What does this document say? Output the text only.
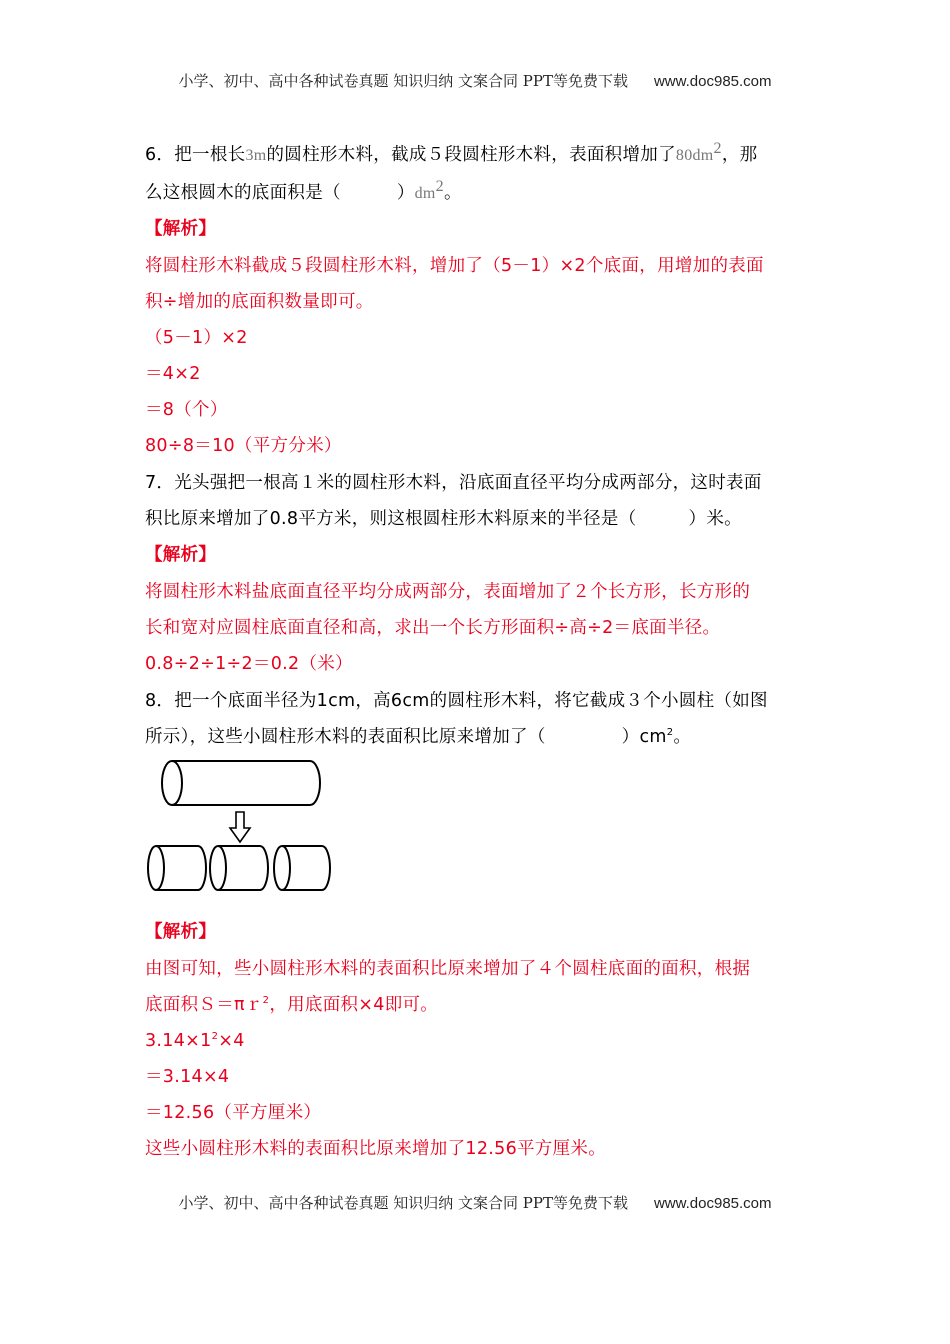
小学、初中、高中各种试卷真题 知识归纳 文案合同 PPT等免费下载 www.doc985.com
6．把一根长3m的圆柱形木料，截成５段圆柱形木料，表面积增加了$80dm^2$，那
么这根圆木的底面积是（	）$dm^2$。
【解析】
将圆柱形木料截成５段圆柱形木料，增加了（5－1）×2个底面，用增加的表面
积÷增加的底面积数量即可。
（5－1）×2
＝4×2
＝8（个）
80÷8＝10（平方分米）
7．光头强把一根高１米的圆柱形木料，沿底面直径平均分成两部分，这时表面
积比原来增加了0.8平方米，则这根圆柱形木料原来的半径是（	）米。
【解析】
将圆柱形木料盐底面直径平均分成两部分，表面增加了２个长方形，长方形的
长和宽对应圆柱底面直径和高，求出一个长方形面积÷高÷2＝底面半径。
0.8÷2÷1÷2＝0.2（米）
8．把一个底面半径为1cm，高6cm的圆柱形木料，将它截成３个小圆柱（如图
所示），这些小圆柱形木料的表面积比原来增加了（	）$cm^2$。
【解析】
由图可知，些小圆柱形木料的表面积比原来增加了４个圆柱底面的面积，根据
底面积Ｓ＝πｒ$^2$，用底面积×4即可。
$3.14\times 1^2\times 4$
＝3.14×4
＝12.56（平方厘米）
这些小圆柱形木料的表面积比原来增加了12.56平方厘米。
小学、初中、高中各种试卷真题 知识归纳 文案合同 PPT等免费下载 www.doc985.com
